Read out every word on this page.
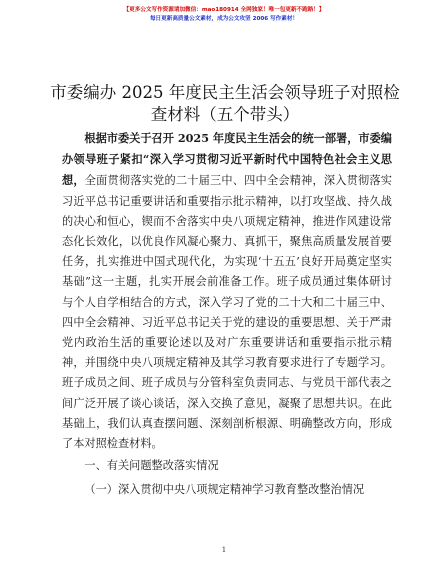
【更多公文写作资源请加微信：mao180914 全网独家！唯一包更新不跑路！】
每日更新高质量公文素材，成为公文攻坚 2006 写作素材！
市委编办 2025 年度民主生活会领导班子对照检
查材料（五个带头）

根据市委关于召开 2025 年度民主生活会的统一部署，市委编办领导班子紧扣“深入学习贯彻习近平新时代中国特色社会主义思想，全面贯彻落实党的二十届三中、四中全会精神，深入贯彻落实习近平总书记重要讲话和重要指示批示精神，以打攻坚战、持久战的决心和恒心，锲而不舍落实中央八项规定精神，推进作风建设常态化长效化，以优良作风凝心聚力、真抓干，聚焦高质量发展首要任务，扎实推进中国式现代化，为实现‘十五五’良好开局奠定坚实基础”这一主题，扎实开展会前准备工作。班子成员通过集体研讨与个人自学相结合的方式，深入学习了党的二十大和二十届三中、四中全会精神、习近平总书记关于党的建设的重要思想、关于严肃党内政治生活的重要论述以及对广东重要讲话和重要指示批示精神，并围绕中央八项规定精神及其学习教育要求进行了专题学习。班子成员之间、班子成员与分管科室负责同志、与党员干部代表之间广泛开展了谈心谈话，深入交换了意见，凝聚了思想共识。在此基础上，我们认真查摆问题、深刻剖析根源、明确整改方向，形成了本对照检查材料。

一、有关问题整改落实情况

（一）深入贯彻中央八项规定精神学习教育整改整治情况

1
